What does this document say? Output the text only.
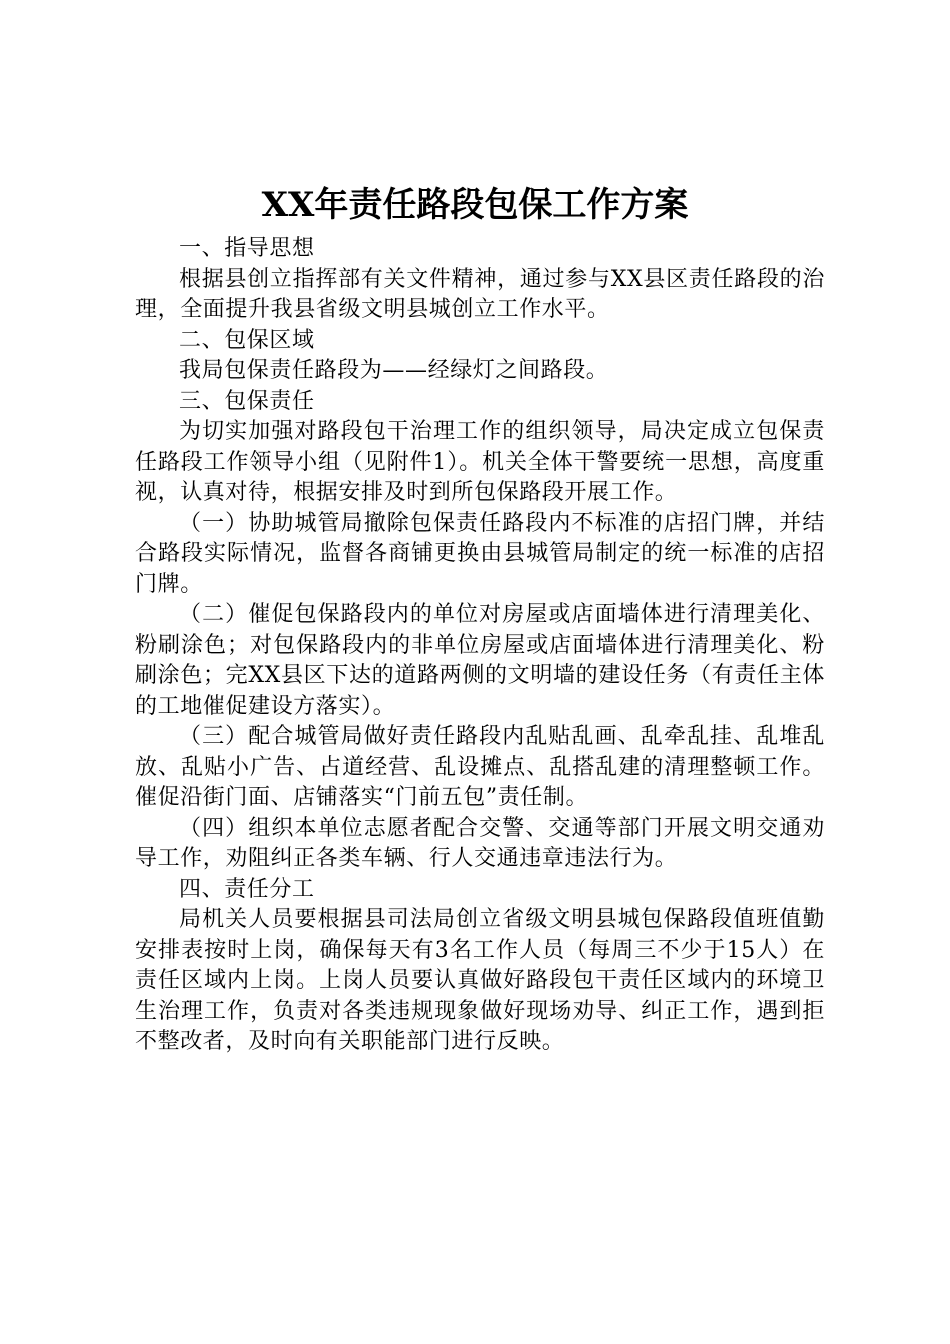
XX年责任路段包保工作方案

一、指导思想

根据县创立指挥部有关文件精神，通过参与XX县区责任路段的治理，全面提升我县省级文明县城创立工作水平。

二、包保区域

我局包保责任路段为——经绿灯之间路段。

三、包保责任

为切实加强对路段包干治理工作的组织领导，局决定成立包保责任路段工作领导小组（见附件1）。机关全体干警要统一思想，高度重视，认真对待，根据安排及时到所包保路段开展工作。

（一）协助城管局撤除包保责任路段内不标准的店招门牌，并结合路段实际情况，监督各商铺更换由县城管局制定的统一标准的店招门牌。

（二）催促包保路段内的单位对房屋或店面墙体进行清理美化、粉刷涂色；对包保路段内的非单位房屋或店面墙体进行清理美化、粉刷涂色；完XX县区下达的道路两侧的文明墙的建设任务（有责任主体的工地催促建设方落实）。

（三）配合城管局做好责任路段内乱贴乱画、乱牵乱挂、乱堆乱放、乱贴小广告、占道经营、乱设摊点、乱搭乱建的清理整顿工作。催促沿街门面、店铺落实“门前五包”责任制。

（四）组织本单位志愿者配合交警、交通等部门开展文明交通劝导工作，劝阻纠正各类车辆、行人交通违章违法行为。

四、责任分工

局机关人员要根据县司法局创立省级文明县城包保路段值班值勤安排表按时上岗，确保每天有3名工作人员（每周三不少于15人）在责任区域内上岗。上岗人员要认真做好路段包干责任区域内的环境卫生治理工作，负责对各类违规现象做好现场劝导、纠正工作，遇到拒不整改者，及时向有关职能部门进行反映。
